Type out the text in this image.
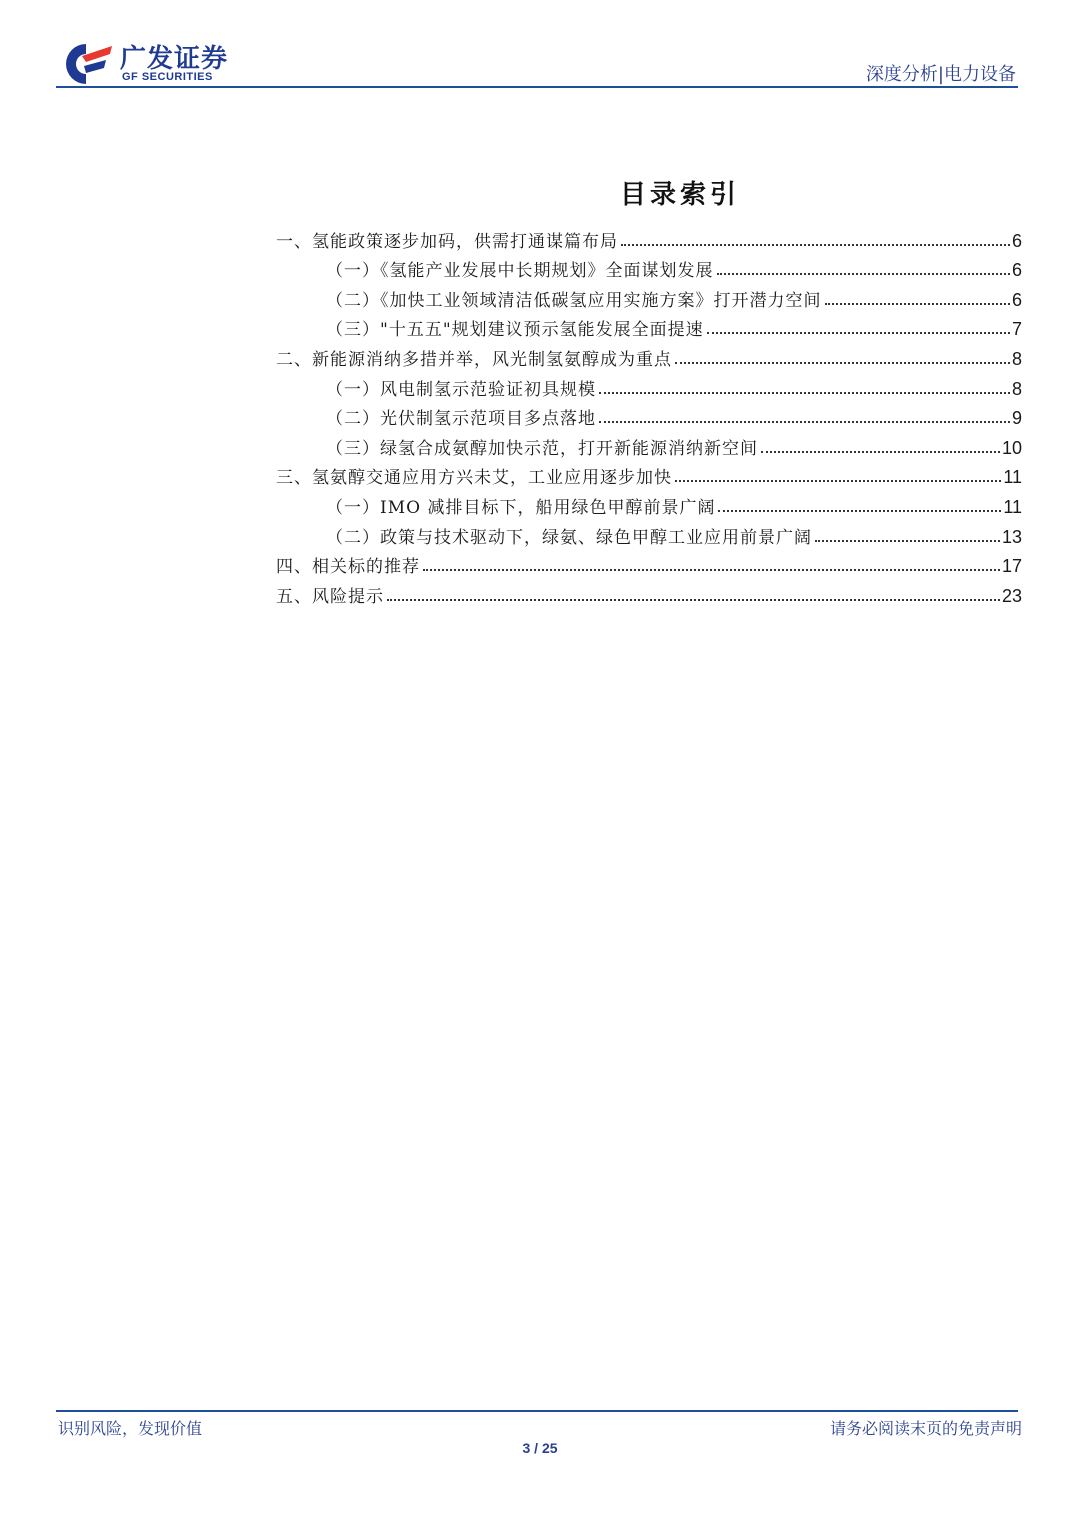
广发证券
GF SECURITIES	深度分析|电力设备
目录索引
一、氢能政策逐步加码，供需打通谋篇布局	6
（一）《氢能产业发展中长期规划》全面谋划发展	6
（二）《加快工业领域清洁低碳氢应用实施方案》打开潜力空间	6
（三）"十五五"规划建议预示氢能发展全面提速	7
二、新能源消纳多措并举，风光制氢氨醇成为重点	8
（一）风电制氢示范验证初具规模	8
（二）光伏制氢示范项目多点落地	9
（三）绿氢合成氨醇加快示范，打开新能源消纳新空间	10
三、氢氨醇交通应用方兴未艾，工业应用逐步加快	11
（一）IMO 减排目标下，船用绿色甲醇前景广阔	11
（二）政策与技术驱动下，绿氨、绿色甲醇工业应用前景广阔	13
四、相关标的推荐	17
五、风险提示	23
识别风险，发现价值	请务必阅读末页的免责声明
3 / 25
